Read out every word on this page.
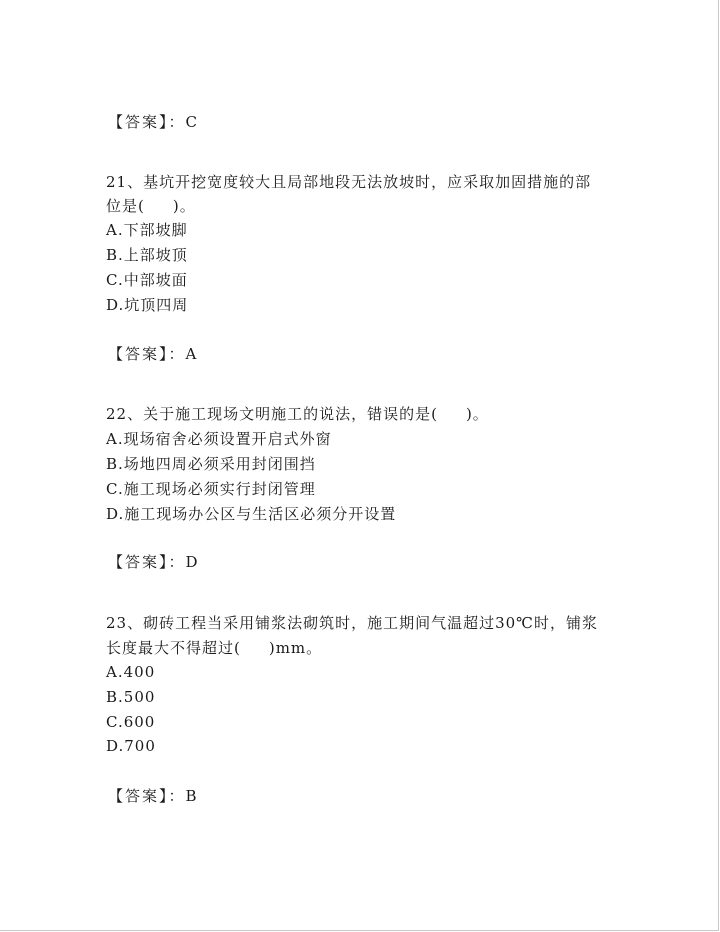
【答案】：C
21、基坑开挖宽度较大且局部地段无法放坡时，应采取加固措施的部
位是( )。
A.下部坡脚
B.上部坡顶
C.中部坡面
D.坑顶四周
【答案】：A
22、关于施工现场文明施工的说法，错误的是( )。
A.现场宿舍必须设置开启式外窗
B.场地四周必须采用封闭围挡
C.施工现场必须实行封闭管理
D.施工现场办公区与生活区必须分开设置
【答案】：D
23、砌砖工程当采用铺浆法砌筑时，施工期间气温超过30℃时，铺浆
长度最大不得超过( )mm。
A.400
B.500
C.600
D.700
【答案】：B
